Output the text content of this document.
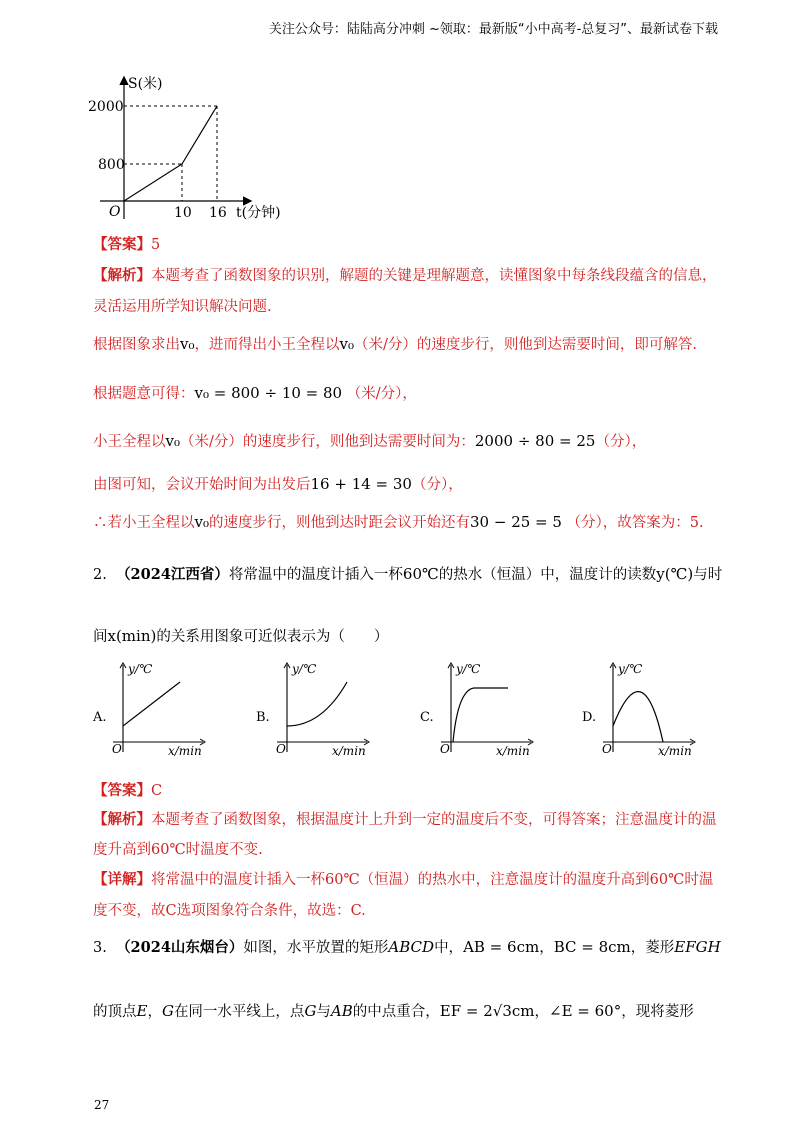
关注公众号：陆陆高分冲刺 ~领取：最新版“小中高考-总复习”、最新试卷下载
S(米)
2000
800
O	10 16 t(分钟)
【答案】5
【解析】本题考查了函数图象的识别，解题的关键是理解题意，读懂图象中每条线段蕴含的信息，
灵活运用所学知识解决问题.
根据图象求出v₀，进而得出小王全程以v₀（米/分）的速度步行，则他到达需要时间，即可解答.
根据题意可得：v₀ = 800 ÷ 10 = 80 （米/分），
小王全程以v₀（米/分）的速度步行，则他到达需要时间为：2000 ÷ 80 = 25（分），
由图可知，会议开始时间为出发后16 + 14 = 30（分），
∴若小王全程以v₀的速度步行，则他到达时距会议开始还有30 − 25 = 5 （分），故答案为：5.
2. （2024江西省）将常温中的温度计插入一杯60℃的热水（恒温）中，温度计的读数y(℃)与时
间x(min)的关系用图象可近似表示为（　　）
A.
y/℃
O	x/min
B.
y/℃
O	x/min
C.
y/℃
O	x/min
D.
y/℃
O	x/min
【答案】C
【解析】本题考查了函数图象，根据温度计上升到一定的温度后不变，可得答案；注意温度计的温
度升高到60℃时温度不变.
【详解】将常温中的温度计插入一杯60℃（恒温）的热水中，注意温度计的温度升高到60℃时温
度不变，故C选项图象符合条件，故选：C.
3. （2024山东烟台）如图，水平放置的矩形ABCD中，AB = 6cm，BC = 8cm，菱形EFGH
的顶点E，G在同一水平线上，点G与AB的中点重合，EF = 2√3cm，∠E = 60°，现将菱形
27
